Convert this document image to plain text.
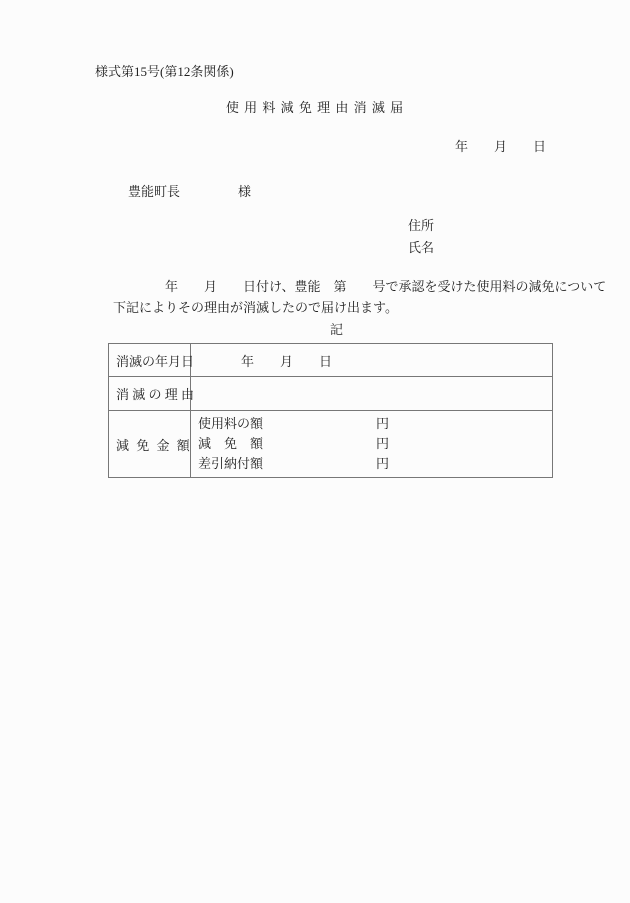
様式第15号(第12条関係)
使 用 料 減 免 理 由 消 滅 届
年　　月　　日
豊能町長	様
住所
氏名
年　　月　　日付け、豊能　第　　号で承認を受けた使用料の減免について
下記によりその理由が消滅したので届け出ます。
記
消滅の年月日	年　　月　　日
消 滅 の 理 由
減 免 金 額
使用料の額	円
減　免　額	円
差引納付額	円
